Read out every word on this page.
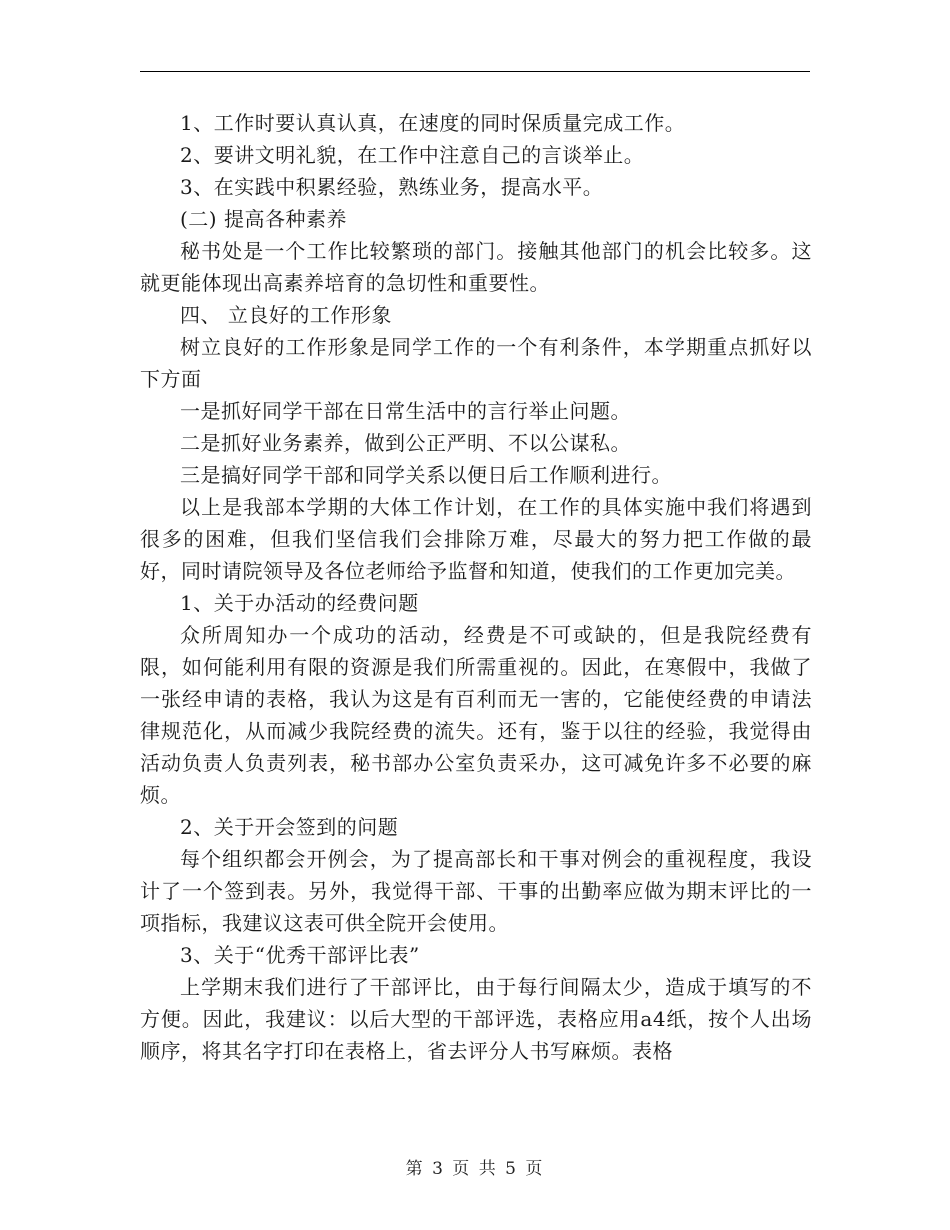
1、工作时要认真认真，在速度的同时保质量完成工作。

2、要讲文明礼貌，在工作中注意自己的言谈举止。

3、在实践中积累经验，熟练业务，提高水平。

(二) 提高各种素养

秘书处是一个工作比较繁琐的部门。接触其他部门的机会比较多。这就更能体现出高素养培育的急切性和重要性。

四、 立良好的工作形象

树立良好的工作形象是同学工作的一个有利条件，本学期重点抓好以下方面

一是抓好同学干部在日常生活中的言行举止问题。

二是抓好业务素养，做到公正严明、不以公谋私。

三是搞好同学干部和同学关系以便日后工作顺利进行。

以上是我部本学期的大体工作计划，在工作的具体实施中我们将遇到很多的困难，但我们坚信我们会排除万难，尽最大的努力把工作做的最好，同时请院领导及各位老师给予监督和知道，使我们的工作更加完美。

1、关于办活动的经费问题

众所周知办一个成功的活动，经费是不可或缺的，但是我院经费有限，如何能利用有限的资源是我们所需重视的。因此，在寒假中，我做了一张经申请的表格，我认为这是有百利而无一害的，它能使经费的申请法律规范化，从而减少我院经费的流失。还有，鉴于以往的经验，我觉得由活动负责人负责列表，秘书部办公室负责采办，这可减免许多不必要的麻烦。

2、关于开会签到的问题

每个组织都会开例会，为了提高部长和干事对例会的重视程度，我设计了一个签到表。另外，我觉得干部、干事的出勤率应做为期末评比的一项指标，我建议这表可供全院开会使用。

3、关于“优秀干部评比表”

上学期末我们进行了干部评比，由于每行间隔太少，造成于填写的不方便。因此，我建议：以后大型的干部评选，表格应用a4纸，按个人出场顺序，将其名字打印在表格上，省去评分人书写麻烦。表格

第 3 页 共 5 页
